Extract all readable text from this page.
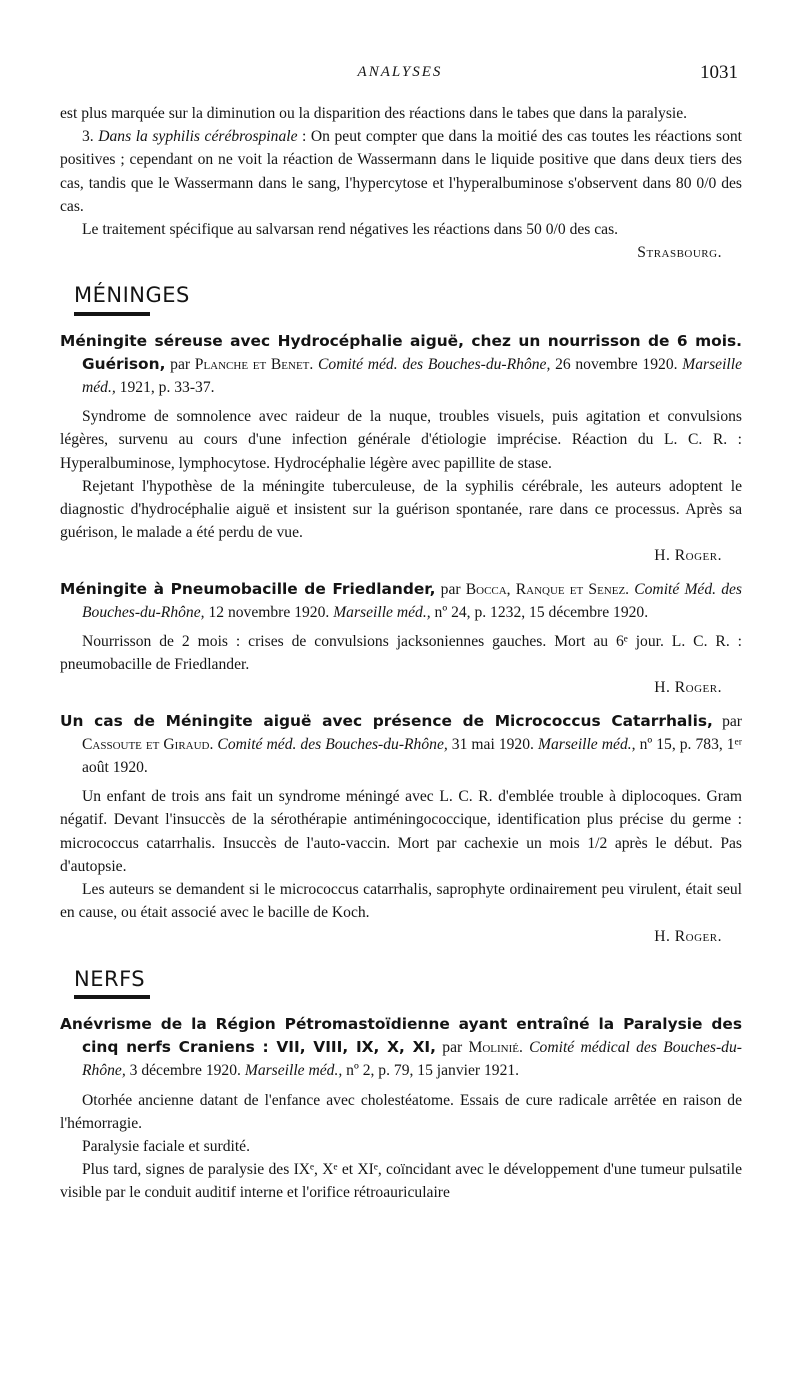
ANALYSES	1031

est plus marquée sur la diminution ou la disparition des réactions dans le tabes que dans la paralysie.

3. Dans la syphilis cérébrospinale : On peut compter que dans la moitié des cas toutes les réactions sont positives ; cependant on ne voit la réaction de Wassermann dans le liquide positive que dans deux tiers des cas, tandis que le Wassermann dans le sang, l'hypercytose et l'hyperalbuminose s'observent dans 80 0/0 des cas.

Le traitement spécifique au salvarsan rend négatives les réactions dans 50 0/0 des cas.

Strasbourg.

MÉNINGES

Méningite séreuse avec Hydrocéphalie aiguë, chez un nourrisson de 6 mois. Guérison, par Planche et Benet. Comité méd. des Bouches-du-Rhône, 26 novembre 1920. Marseille méd., 1921, p. 33-37.

Syndrome de somnolence avec raideur de la nuque, troubles visuels, puis agitation et convulsions légères, survenu au cours d'une infection générale d'étiologie imprécise. Réaction du L. C. R. : Hyperalbuminose, lymphocytose. Hydrocéphalie légère avec papillite de stase.

Rejetant l'hypothèse de la méningite tuberculeuse, de la syphilis cérébrale, les auteurs adoptent le diagnostic d'hydrocéphalie aiguë et insistent sur la guérison spontanée, rare dans ce processus. Après sa guérison, le malade a été perdu de vue.

H. Roger.

Méningite à Pneumobacille de Friedlander, par Bocca, Ranque et Senez. Comité Méd. des Bouches-du-Rhône, 12 novembre 1920. Marseille méd., nº 24, p. 1232, 15 décembre 1920.

Nourrisson de 2 mois : crises de convulsions jacksoniennes gauches. Mort au 6ᵉ jour. L. C. R. : pneumobacille de Friedlander.

H. Roger.

Un cas de Méningite aiguë avec présence de Micrococcus Catarrhalis, par Cassoute et Giraud. Comité méd. des Bouches-du-Rhône, 31 mai 1920. Marseille méd., nº 15, p. 783, 1ᵉʳ août 1920.

Un enfant de trois ans fait un syndrome méningé avec L. C. R. d'emblée trouble à diplocoques. Gram négatif. Devant l'insuccès de la sérothérapie antiméningococcique, identification plus précise du germe : micrococcus catarrhalis. Insuccès de l'auto-vaccin. Mort par cachexie un mois 1/2 après le début. Pas d'autopsie.

Les auteurs se demandent si le micrococcus catarrhalis, saprophyte ordinairement peu virulent, était seul en cause, ou était associé avec le bacille de Koch.

H. Roger.

NERFS

Anévrisme de la Région Pétromastoïdienne ayant entraîné la Paralysie des cinq nerfs Craniens : VII, VIII, IX, X, XI, par Molinié. Comité médical des Bouches-du-Rhône, 3 décembre 1920. Marseille méd., nº 2, p. 79, 15 janvier 1921.

Otorhée ancienne datant de l'enfance avec cholestéatome. Essais de cure radicale arrêtée en raison de l'hémorragie.

Paralysie faciale et surdité.

Plus tard, signes de paralysie des IXᵉ, Xᵉ et XIᵉ, coïncidant avec le développement d'une tumeur pulsatile visible par le conduit auditif interne et l'orifice rétroauriculaire
